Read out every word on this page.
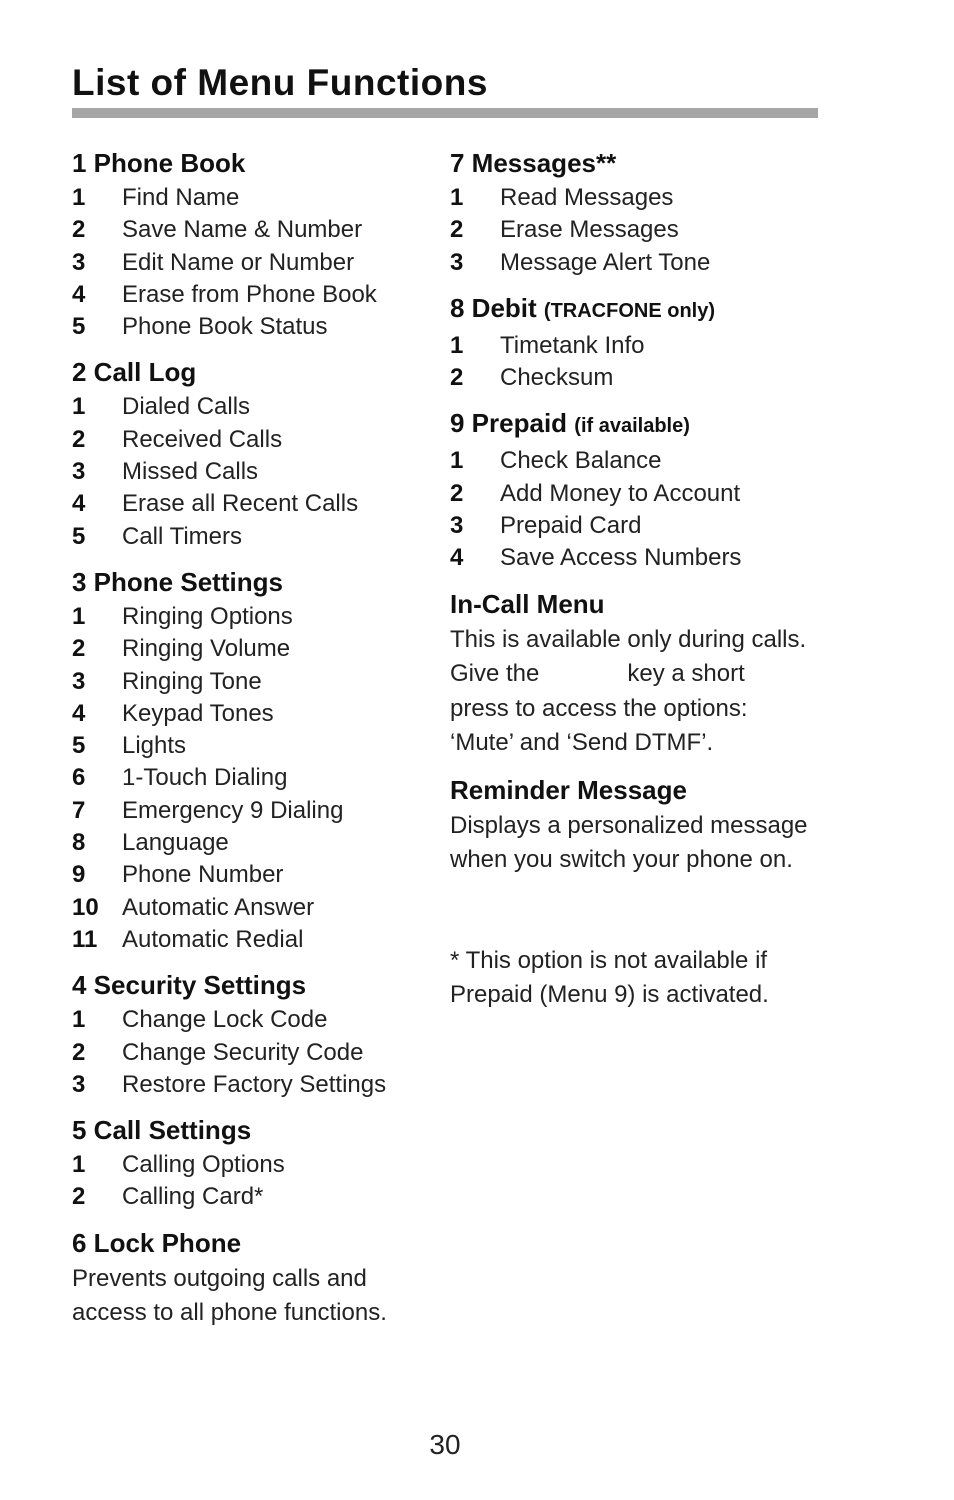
List of Menu Functions
1 Phone Book
1	Find Name
2	Save Name & Number
3	Edit Name or Number
4	Erase from Phone Book
5	Phone Book Status
2 Call Log
1	Dialed Calls
2	Received Calls
3	Missed Calls
4	Erase all Recent Calls
5	Call Timers
3 Phone Settings
1	Ringing Options
2	Ringing Volume
3	Ringing Tone
4	Keypad Tones
5	Lights
6	1-Touch Dialing
7	Emergency 9 Dialing
8	Language
9	Phone Number
10 Automatic Answer
11	Automatic Redial
4 Security Settings
1	Change Lock Code
2	Change Security Code
3	Restore Factory Settings
5 Call Settings
1	Calling Options
2	Calling Card*
6 Lock Phone

Prevents outgoing calls and access to all phone functions.

7 Messages**
1	Read Messages
2	Erase Messages
3	Message Alert Tone
8 Debit (TRACFONE only)
1	Timetank Info
2	Checksum
9 Prepaid (if available)
1	Check Balance
2	Add Money to Account
3	Prepaid Card
4	Save Access Numbers
In-Call Menu
This is available only during calls.
Give the	key a short
press to access the options:
‘Mute’ and ‘Send DTMF’.
Reminder Message
Displays a personalized message
when you switch your phone on.
* This option is not available if
Prepaid (Menu 9) is activated.
30
